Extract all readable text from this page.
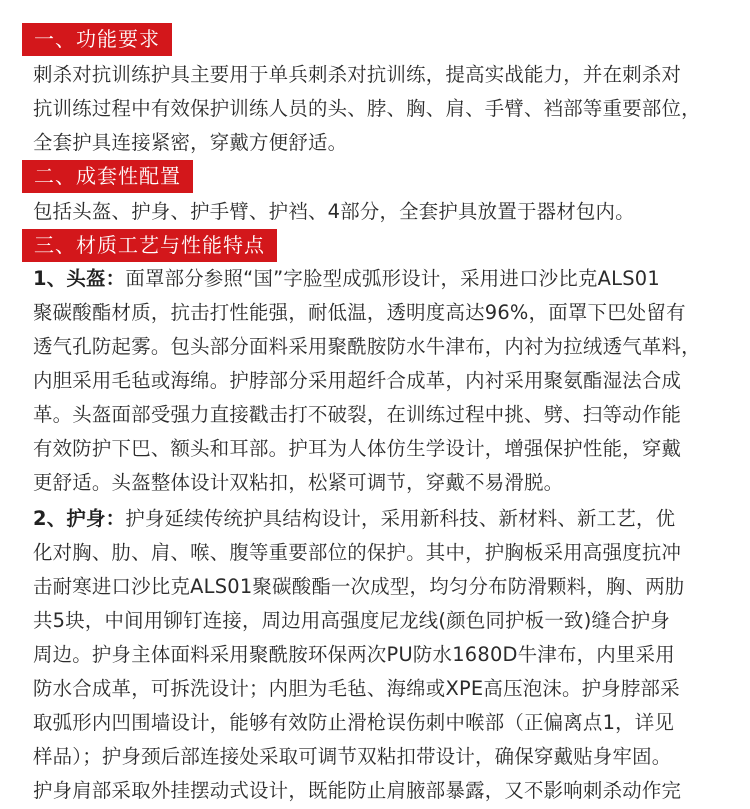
一、功能要求
刺杀对抗训练护具主要用于单兵刺杀对抗训练，提高实战能力，并在刺杀对
抗训练过程中有效保护训练人员的头、脖、胸、肩、手臂、裆部等重要部位，
全套护具连接紧密，穿戴方便舒适。
二、成套性配置
包括头盔、护身、护手臂、护裆、4部分，全套护具放置于器材包内。
三、材质工艺与性能特点
1、头盔：面罩部分参照“国”字脸型成弧形设计，采用进口沙比克ALS01
聚碳酸酯材质，抗击打性能强，耐低温，透明度高达96%，面罩下巴处留有
透气孔防起雾。包头部分面料采用聚酰胺防水牛津布，内衬为拉绒透气革料，
内胆采用毛毡或海绵。护脖部分采用超纤合成革，内衬采用聚氨酯湿法合成
革。头盔面部受强力直接戳击打不破裂，在训练过程中挑、劈、扫等动作能
有效防护下巴、额头和耳部。护耳为人体仿生学设计，增强保护性能，穿戴
更舒适。头盔整体设计双粘扣，松紧可调节，穿戴不易滑脱。
2、护身：护身延续传统护具结构设计，采用新科技、新材料、新工艺，优
化对胸、肋、肩、喉、腹等重要部位的保护。其中，护胸板采用高强度抗冲
击耐寒进口沙比克ALS01聚碳酸酯一次成型，均匀分布防滑颗料，胸、两肋
共5块，中间用铆钉连接，周边用高强度尼龙线(颜色同护板一致)缝合护身
周边。护身主体面料采用聚酰胺环保两次PU防水1680D牛津布，内里采用
防水合成革，可拆洗设计；内胆为毛毡、海绵或XPE高压泡沫。护身脖部采
取弧形内凹围墙设计，能够有效防止滑枪误伤刺中喉部（正偏离点1，详见
样品）；护身颈后部连接处采取可调节双粘扣带设计，确保穿戴贴身牢固。
护身肩部采取外挂摆动式设计，既能防止肩腋部暴露，又不影响刺杀动作完
